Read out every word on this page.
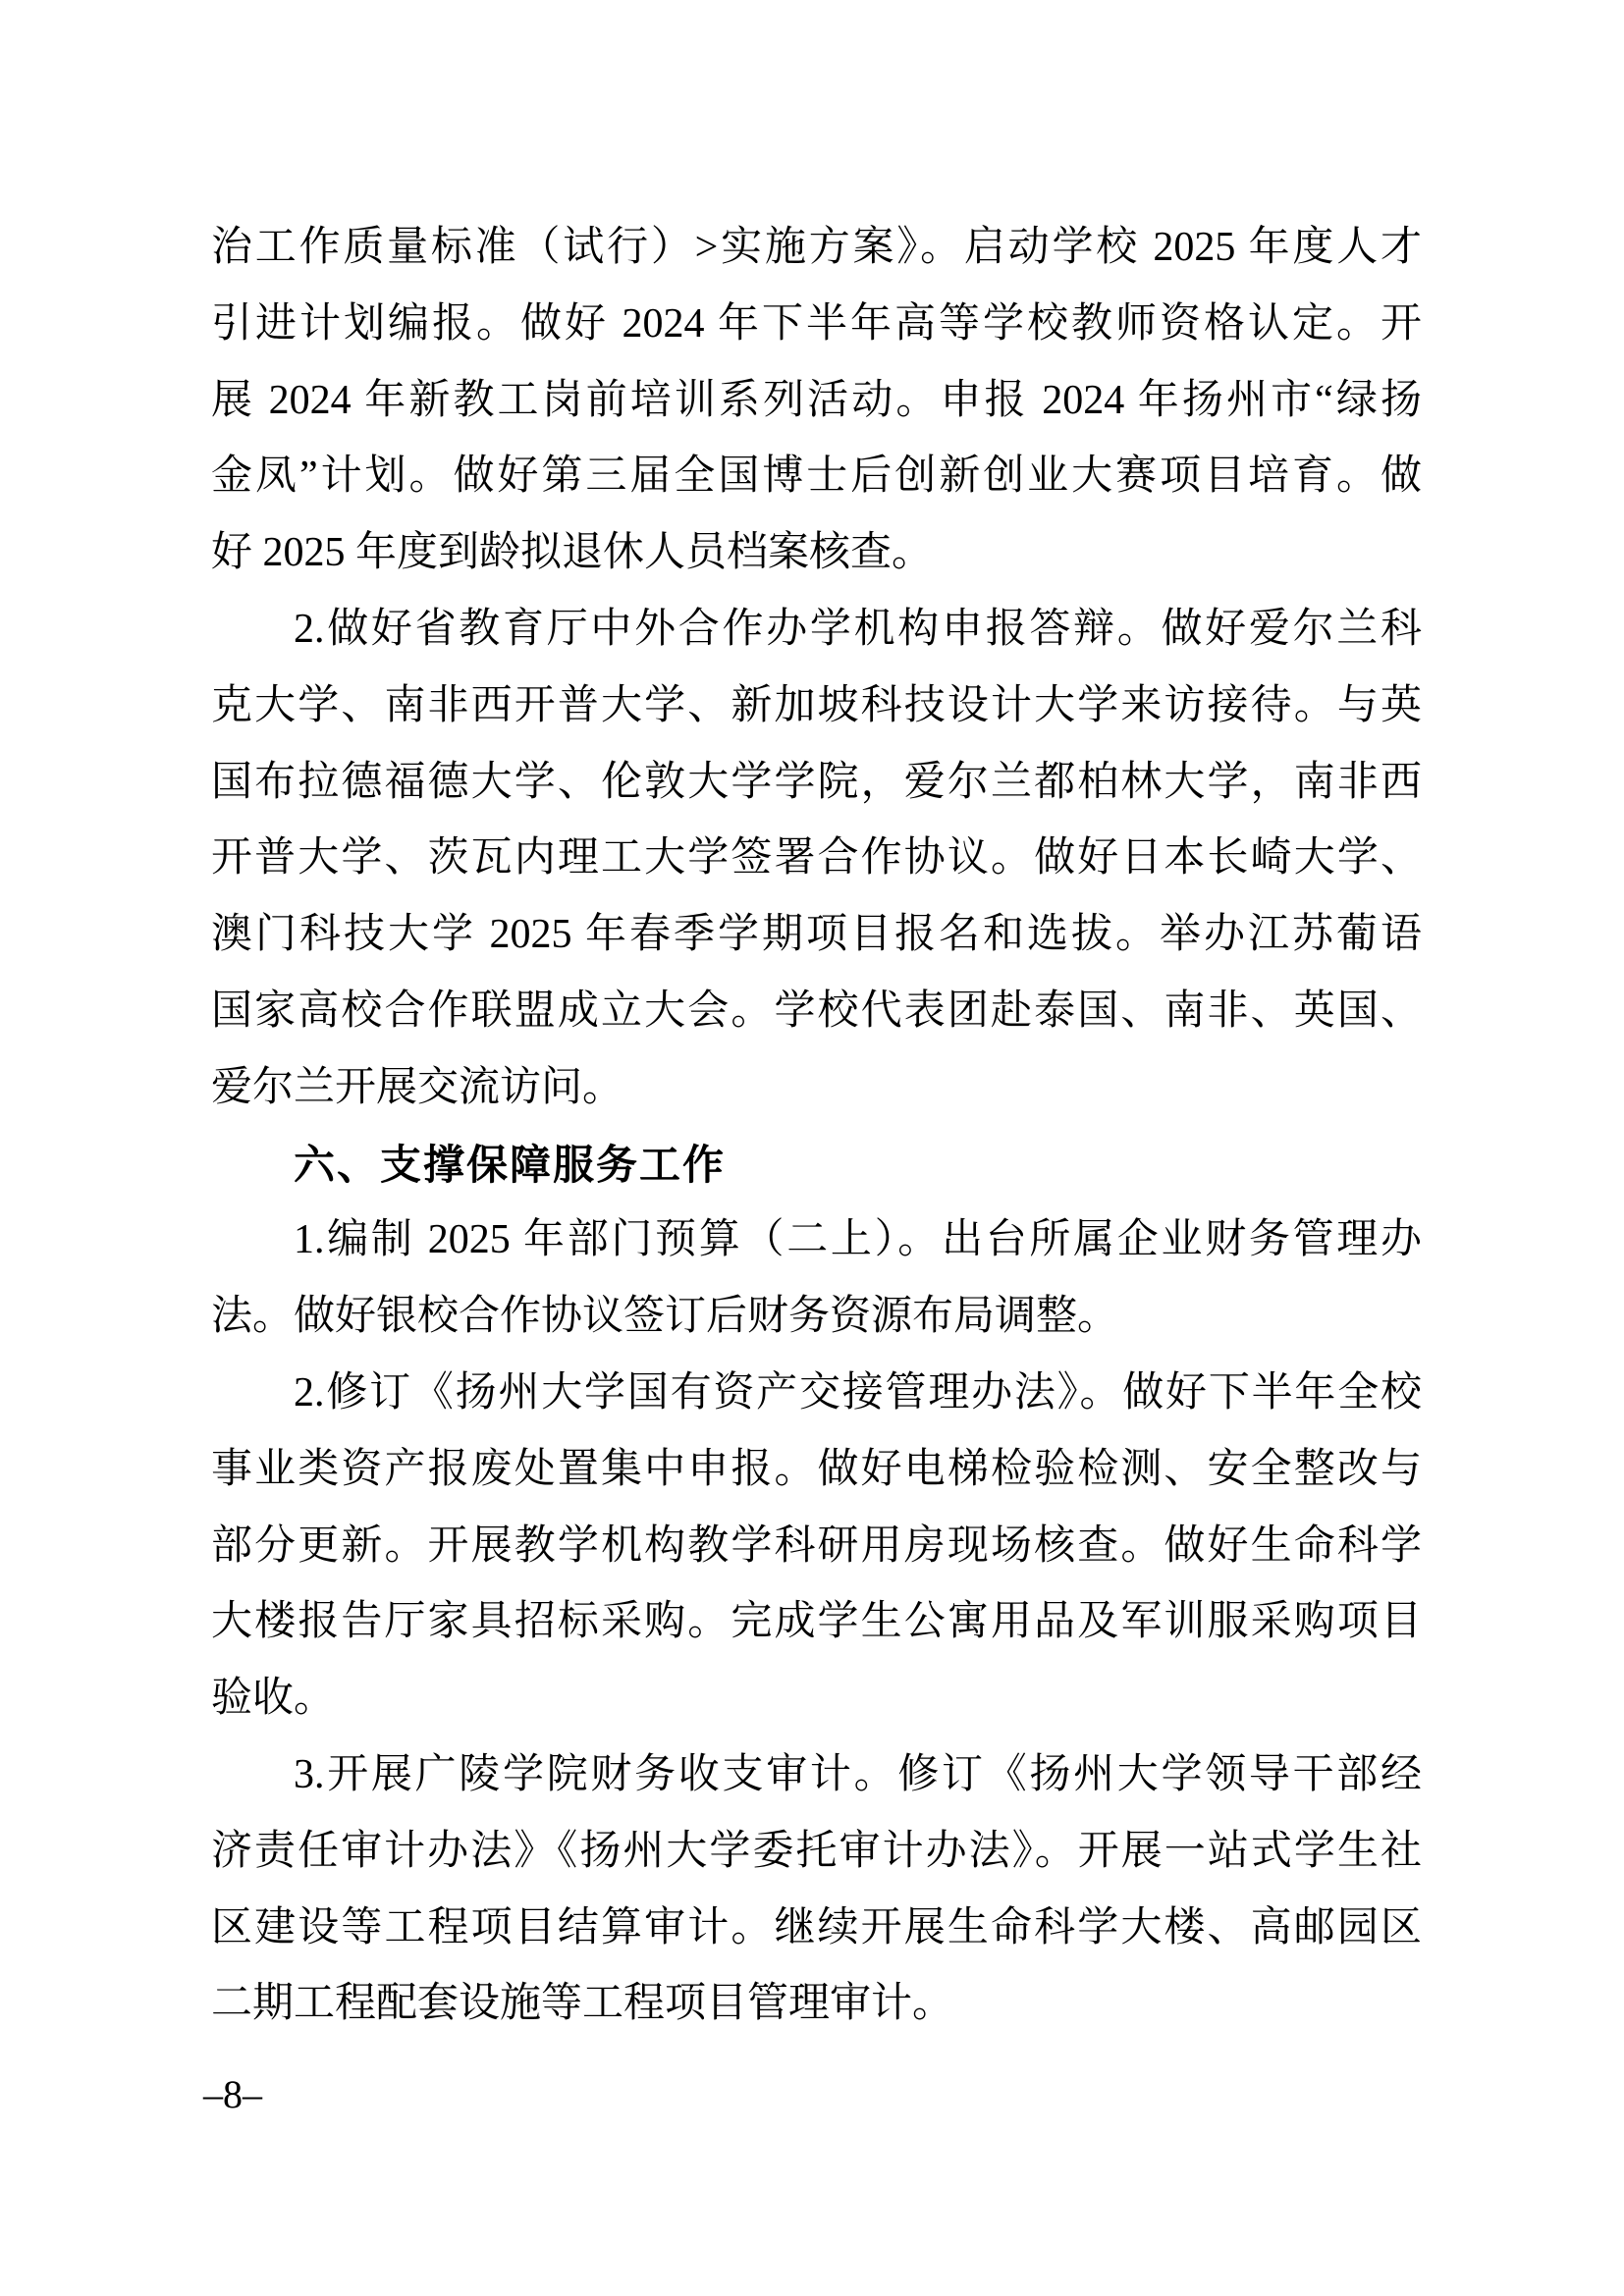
治工作质量标准（试行）>实施方案》。启动学校 2025 年度人才
引进计划编报。做好 2024 年下半年高等学校教师资格认定。开
展 2024 年新教工岗前培训系列活动。申报 2024 年扬州市“绿扬
金凤”计划。做好第三届全国博士后创新创业大赛项目培育。做
好 2025 年度到龄拟退休人员档案核查。
2.做好省教育厅中外合作办学机构申报答辩。做好爱尔兰科
克大学、南非西开普大学、新加坡科技设计大学来访接待。与英
国布拉德福德大学、伦敦大学学院，爱尔兰都柏林大学，南非西
开普大学、茨瓦内理工大学签署合作协议。做好日本长崎大学、
澳门科技大学 2025 年春季学期项目报名和选拔。举办江苏葡语
国家高校合作联盟成立大会。学校代表团赴泰国、南非、英国、
爱尔兰开展交流访问。
六、支撑保障服务工作
1.编制 2025 年部门预算（二上）。出台所属企业财务管理办
法。做好银校合作协议签订后财务资源布局调整。
2.修订《扬州大学国有资产交接管理办法》。做好下半年全校
事业类资产报废处置集中申报。做好电梯检验检测、安全整改与
部分更新。开展教学机构教学科研用房现场核查。做好生命科学
大楼报告厅家具招标采购。完成学生公寓用品及军训服采购项目
验收。
3.开展广陵学院财务收支审计。修订《扬州大学领导干部经
济责任审计办法》《扬州大学委托审计办法》。开展一站式学生社
区建设等工程项目结算审计。继续开展生命科学大楼、高邮园区
二期工程配套设施等工程项目管理审计。
–8–
